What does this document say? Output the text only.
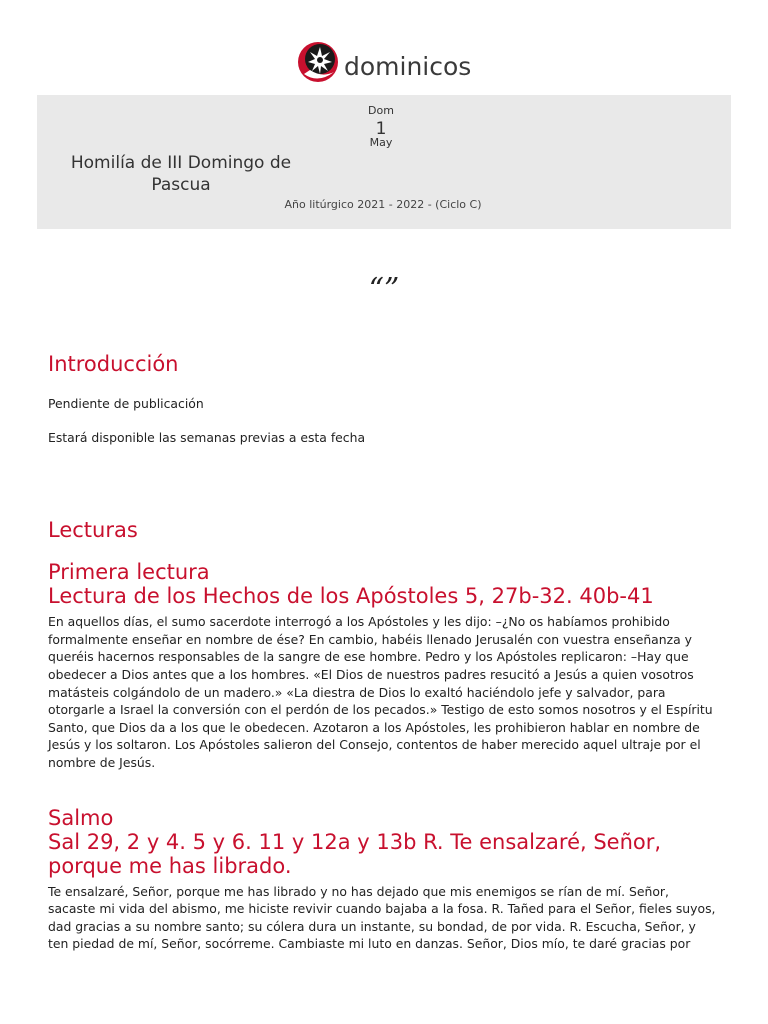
dominicos
Dom
1
May
Homilía de III Domingo de Pascua
Año litúrgico 2021 - 2022 - (Ciclo C)
“”
Introducción

Pendiente de publicación

Estará disponible las semanas previas a esta fecha

Lecturas
Primera lectura
Lectura de los Hechos de los Apóstoles 5, 27b-32. 40b-41

En aquellos días, el sumo sacerdote interrogó a los Apóstoles y les dijo: –¿No os habíamos prohibido formalmente enseñar en nombre de ése? En cambio, habéis llenado Jerusalén con vuestra enseñanza y queréis hacernos responsables de la sangre de ese hombre. Pedro y los Apóstoles replicaron: –Hay que obedecer a Dios antes que a los hombres. «El Dios de nuestros padres resucitó a Jesús a quien vosotros matásteis colgándolo de un madero.» «La diestra de Dios lo exaltó haciéndolo jefe y salvador, para otorgarle a Israel la conversión con el perdón de los pecados.» Testigo de esto somos nosotros y el Espíritu Santo, que Dios da a los que le obedecen. Azotaron a los Apóstoles, les prohibieron hablar en nombre de Jesús y los soltaron. Los Apóstoles salieron del Consejo, contentos de haber merecido aquel ultraje por el nombre de Jesús.

Salmo
Sal 29, 2 y 4. 5 y 6. 11 y 12a y 13b R. Te ensalzaré, Señor, porque me has librado.

Te ensalzaré, Señor, porque me has librado y no has dejado que mis enemigos se rían de mí. Señor, sacaste mi vida del abismo, me hiciste revivir cuando bajaba a la fosa. R. Tañed para el Señor, fieles suyos, dad gracias a su nombre santo; su cólera dura un instante, su bondad, de por vida. R. Escucha, Señor, y ten piedad de mí, Señor, socórreme. Cambiaste mi luto en danzas. Señor, Dios mío, te daré gracias por
